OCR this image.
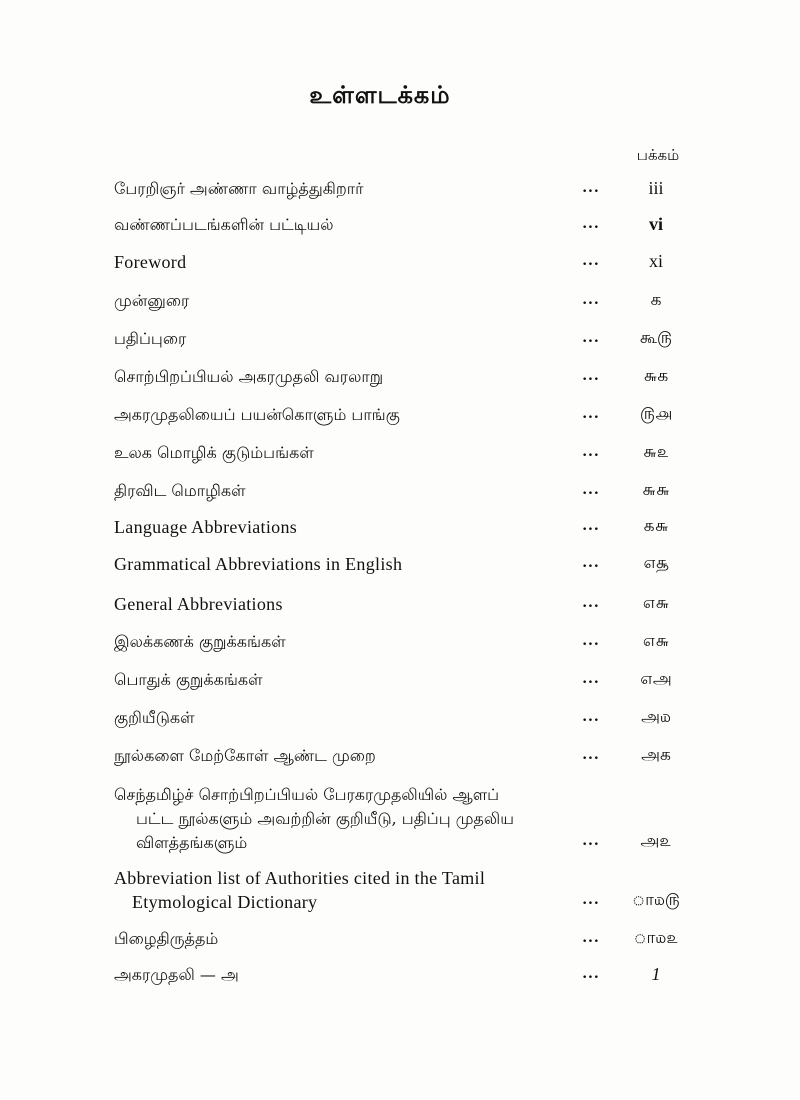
உள்ளடக்கம்
பக்கம்
பேரறிஞர் அண்ணா வாழ்த்துகிறார்	...	iii
வண்ணப்படங்களின் பட்டியல்	...	vi
Foreword	...	xi
முன்னுரை	...	க
பதிப்புரை	...	கூ௫
சொற்பிறப்பியல் அகரமுதலி வரலாறு	...	௬க
அகரமுதலியைப் பயன்கொளும் பாங்கு	...	௫௮
உலக மொழிக் குடும்பங்கள்	...	௬௨
திரவிட மொழிகள்	...	௬௬
Language Abbreviations	...	௧௬
Grammatical Abbreviations in English	...	௭௲
General Abbreviations	...	௭௬
இலக்கணக் குறுக்கங்கள்	...	௭௬
பொதுக் குறுக்கங்கள்	...	௭அ
குறியீடுகள்	...	அ௰
நூல்களை மேற்கோள் ஆண்ட முறை	...	அக
செந்தமிழ்ச் சொற்பிறப்பியல் பேரகரமுதலியில் ஆளப்
பட்ட நூல்களும் அவற்றின் குறியீடு, பதிப்பு முதலிய
விளத்தங்களும்	...	அ௨
Abbreviation list of Authorities cited in the Tamil
Etymological Dictionary	...	ா௰௫
பிழைதிருத்தம்	...	ா௰௨
அகரமுதலி — அ	...	1
